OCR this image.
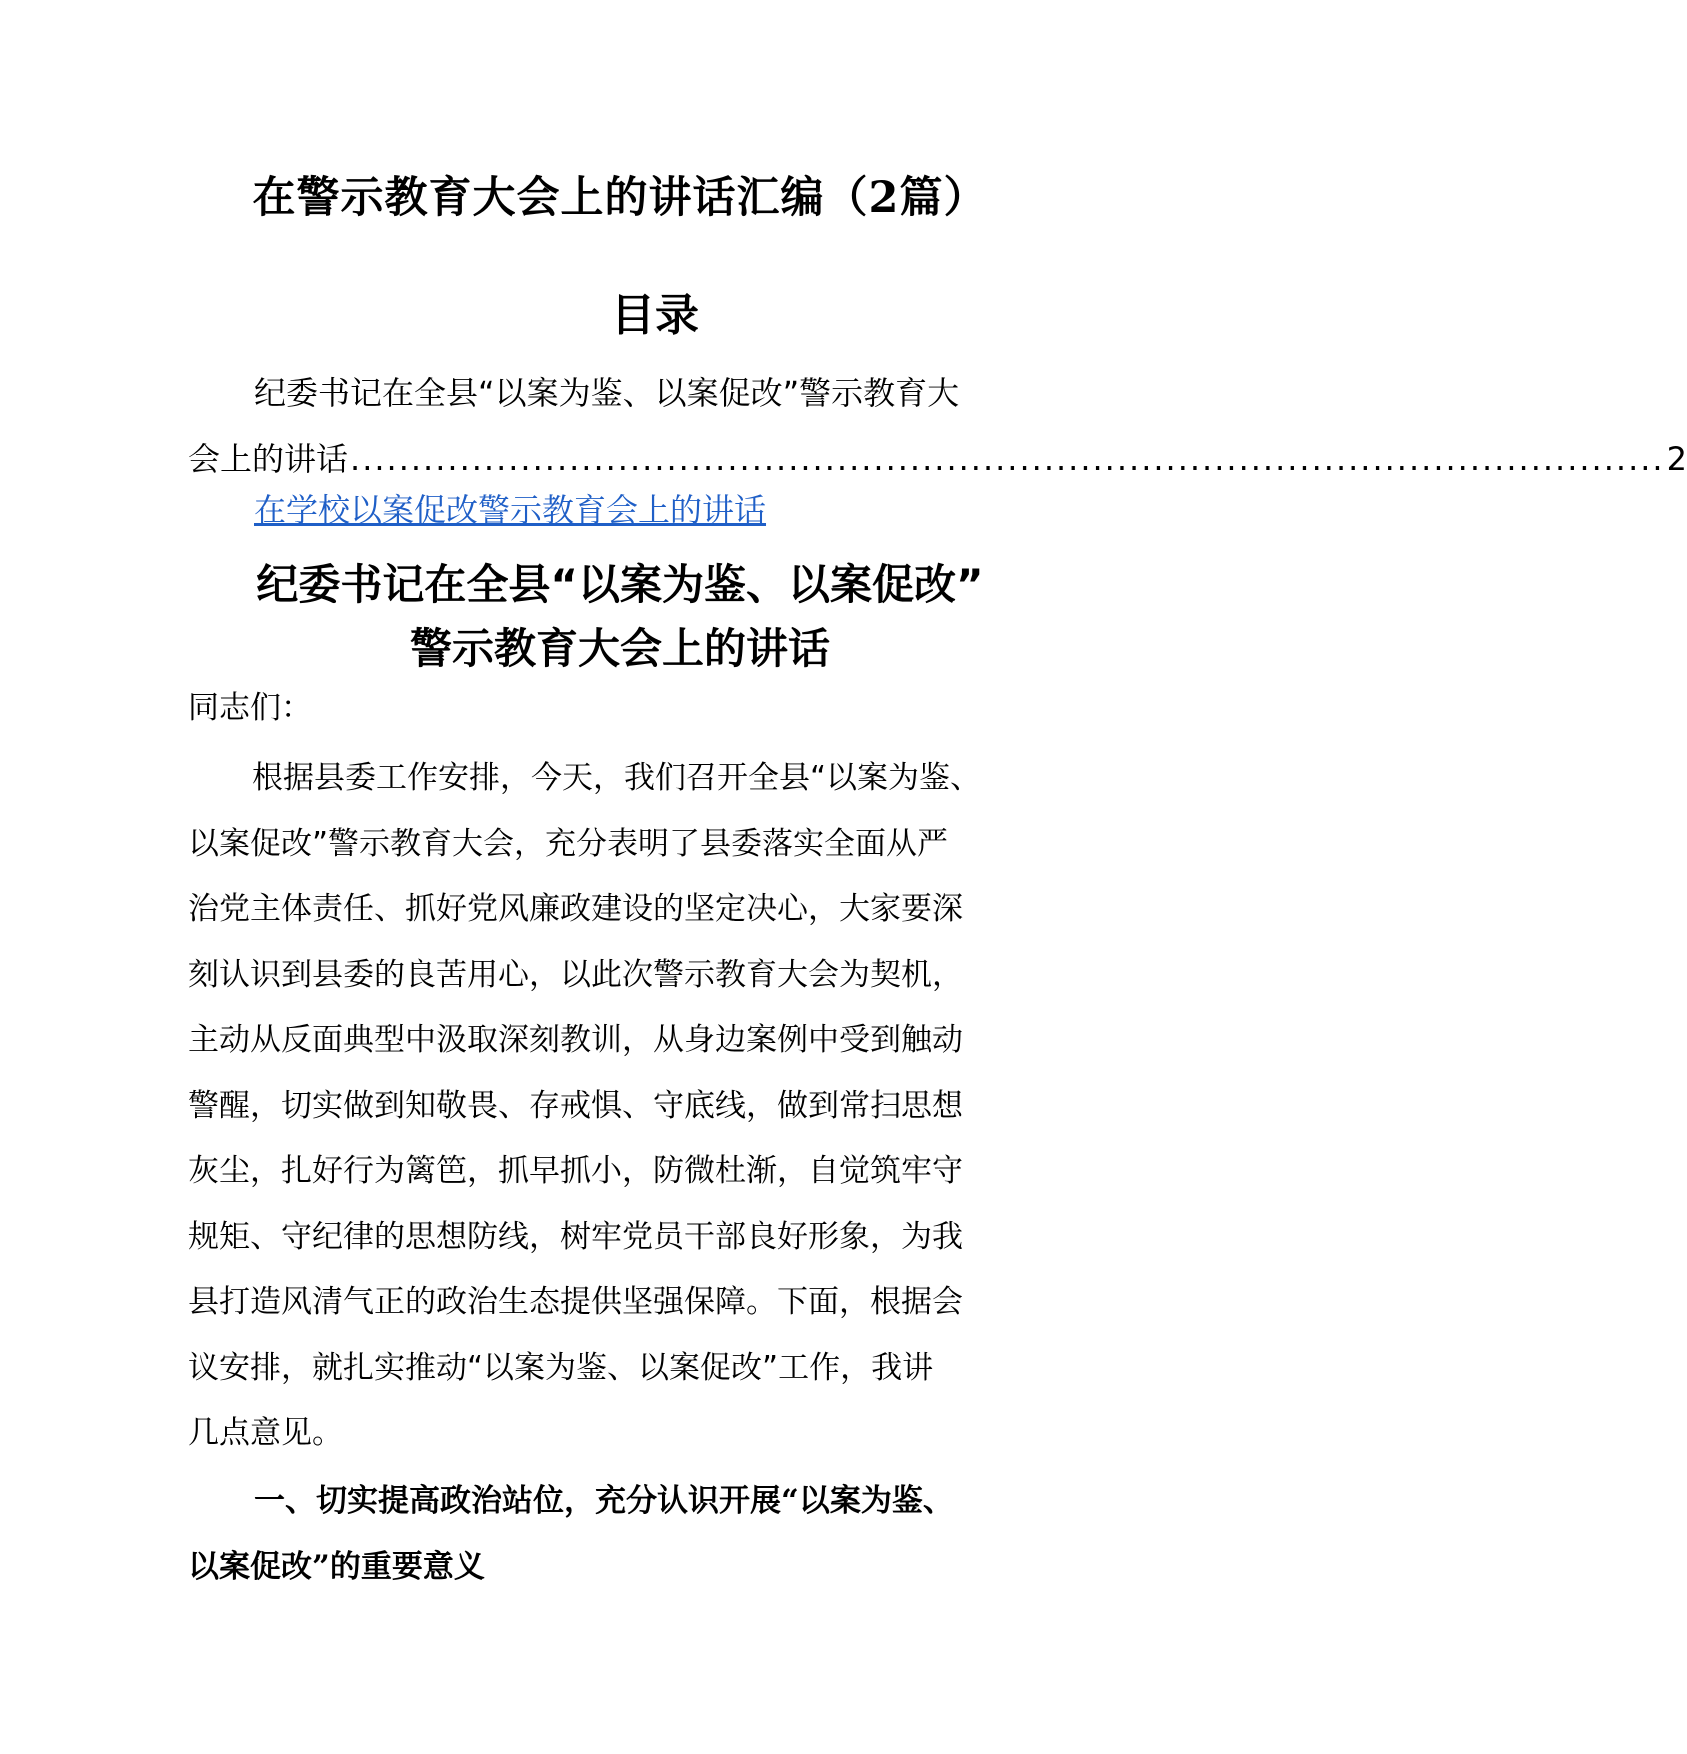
在警示教育大会上的讲话汇编（2篇）
目录
纪委书记在全县“以案为鉴、以案促改”警示教育大
会上的讲话 ............................................................................................................ 2
在学校以案促改警示教育会上的讲话
纪委书记在全县“以案为鉴、以案促改”
警示教育大会上的讲话
同志们：
根据县委工作安排，今天，我们召开全县“以案为鉴、
以案促改”警示教育大会，充分表明了县委落实全面从严
治党主体责任、抓好党风廉政建设的坚定决心，大家要深
刻认识到县委的良苦用心，以此次警示教育大会为契机，
主动从反面典型中汲取深刻教训，从身边案例中受到触动
警醒，切实做到知敬畏、存戒惧、守底线，做到常扫思想
灰尘，扎好行为篱笆，抓早抓小，防微杜渐，自觉筑牢守
规矩、守纪律的思想防线，树牢党员干部良好形象，为我
县打造风清气正的政治生态提供坚强保障。下面，根据会
议安排，就扎实推动“以案为鉴、以案促改”工作，我讲
几点意见。
一、切实提高政治站位，充分认识开展“以案为鉴、
以案促改”的重要意义
